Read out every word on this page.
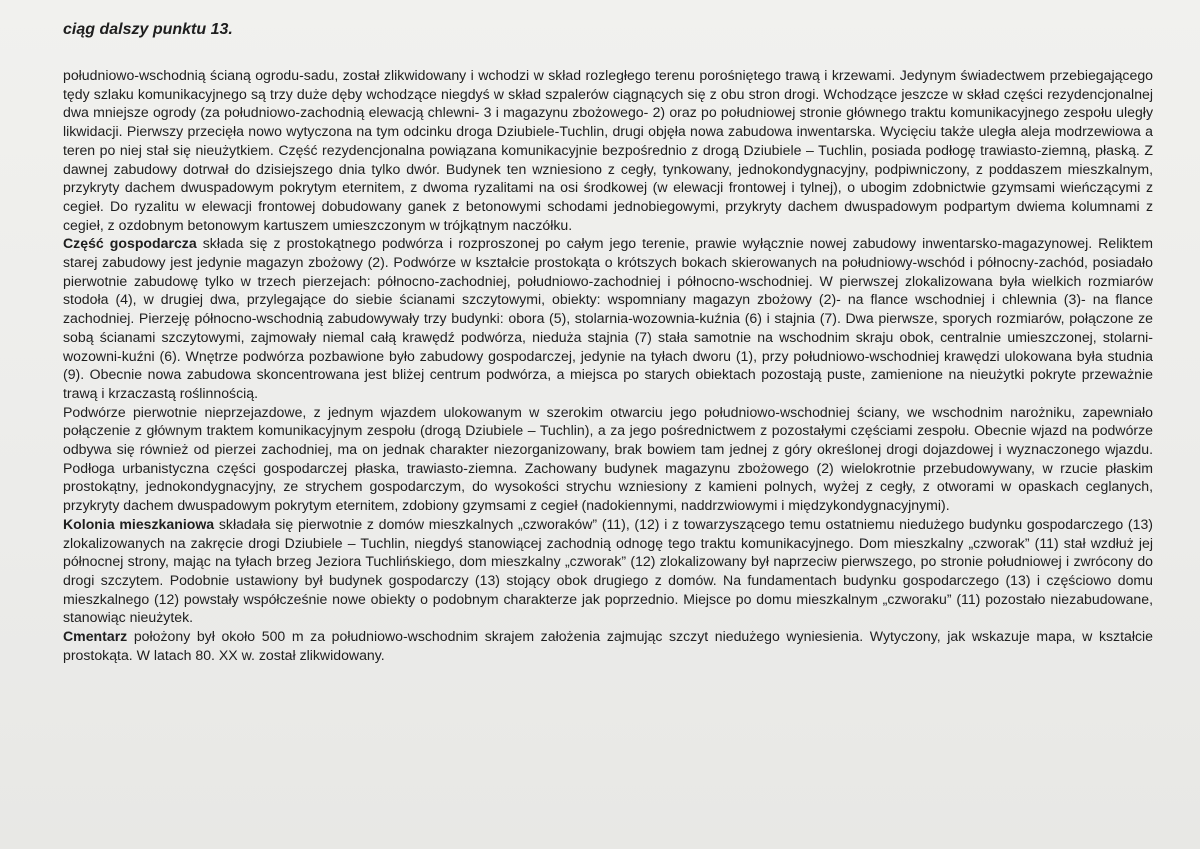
ciąg dalszy punktu 13.

południowo-wschodnią ścianą ogrodu-sadu, został zlikwidowany i wchodzi w skład rozległego terenu porośniętego trawą i krzewami. Jedynym świadectwem przebiegającego tędy szlaku komunikacyjnego są trzy duże dęby wchodzące niegdyś w skład szpalerów ciągnących się z obu stron drogi. Wchodzące jeszcze w skład części rezydencjonalnej dwa mniejsze ogrody (za południowo-zachodnią elewacją chlewni- 3 i magazynu zbożowego- 2) oraz po południowej stronie głównego traktu komunikacyjnego zespołu uległy likwidacji. Pierwszy przecięła nowo wytyczona na tym odcinku droga Dziubiele-Tuchlin, drugi objęła nowa zabudowa inwentarska. Wycięciu także uległa aleja modrzewiowa a teren po niej stał się nieużytkiem. Część rezydencjonalna powiązana komunikacyjnie bezpośrednio z drogą Dziubiele – Tuchlin, posiada podłogę trawiasto-ziemną, płaską. Z dawnej zabudowy dotrwał do dzisiejszego dnia tylko dwór. Budynek ten wzniesiono z cegły, tynkowany, jednokondygnacyjny, podpiwniczony, z poddaszem mieszkalnym, przykryty dachem dwuspadowym pokrytym eternitem, z dwoma ryzalitami na osi środkowej (w elewacji frontowej i tylnej), o ubogim zdobnictwie gzymsami wieńczącymi z cegieł. Do ryzalitu w elewacji frontowej dobudowany ganek z betonowymi schodami jednobiegowymi, przykryty dachem dwuspadowym podpartym dwiema kolumnami z cegieł, z ozdobnym betonowym kartuszem umieszczonym w trójkątnym naczółku.

Część gospodarcza składa się z prostokątnego podwórza i rozproszonej po całym jego terenie, prawie wyłącznie nowej zabudowy inwentarsko-magazynowej. Reliktem starej zabudowy jest jedynie magazyn zbożowy (2). Podwórze w kształcie prostokąta o krótszych bokach skierowanych na południowy-wschód i północny-zachód, posiadało pierwotnie zabudowę tylko w trzech pierzejach: północno-zachodniej, południowo-zachodniej i północno-wschodniej. W pierwszej zlokalizowana była wielkich rozmiarów stodoła (4), w drugiej dwa, przylegające do siebie ścianami szczytowymi, obiekty: wspomniany magazyn zbożowy (2)- na flance wschodniej i chlewnia (3)- na flance zachodniej. Pierzeję północno-wschodnią zabudowywały trzy budynki: obora (5), stolarnia-wozownia-kuźnia (6) i stajnia (7). Dwa pierwsze, sporych rozmiarów, połączone ze sobą ścianami szczytowymi, zajmowały niemal całą krawędź podwórza, nieduża stajnia (7) stała samotnie na wschodnim skraju obok, centralnie umieszczonej, stolarni-wozowni-kuźni (6). Wnętrze podwórza pozbawione było zabudowy gospodarczej, jedynie na tyłach dworu (1), przy południowo-wschodniej krawędzi ulokowana była studnia (9). Obecnie nowa zabudowa skoncentrowana jest bliżej centrum podwórza, a miejsca po starych obiektach pozostają puste, zamienione na nieużytki pokryte przeważnie trawą i krzaczastą roślinnością.

Podwórze pierwotnie nieprzejazdowe, z jednym wjazdem ulokowanym w szerokim otwarciu jego południowo-wschodniej ściany, we wschodnim narożniku, zapewniało połączenie z głównym traktem komunikacyjnym zespołu (drogą Dziubiele – Tuchlin), a za jego pośrednictwem z pozostałymi częściami zespołu. Obecnie wjazd na podwórze odbywa się również od pierzei zachodniej, ma on jednak charakter niezorganizowany, brak bowiem tam jednej z góry określonej drogi dojazdowej i wyznaczonego wjazdu. Podłoga urbanistyczna części gospodarczej płaska, trawiasto-ziemna. Zachowany budynek magazynu zbożowego (2) wielokrotnie przebudowywany, w rzucie płaskim prostokątny, jednokondygnacyjny, ze strychem gospodarczym, do wysokości strychu wzniesiony z kamieni polnych, wyżej z cegły, z otworami w opaskach ceglanych, przykryty dachem dwuspadowym pokrytym eternitem, zdobiony gzymsami z cegieł (nadokiennymi, naddrzwiowymi i międzykondygnacyjnymi).

Kolonia mieszkaniowa składała się pierwotnie z domów mieszkalnych „czworaków” (11), (12) i z towarzyszącego temu ostatniemu niedużego budynku gospodarczego (13) zlokalizowanych na zakręcie drogi Dziubiele – Tuchlin, niegdyś stanowiącej zachodnią odnogę tego traktu komunikacyjnego. Dom mieszkalny „czworak” (11) stał wzdłuż jej północnej strony, mając na tyłach brzeg Jeziora Tuchlińskiego, dom mieszkalny „czworak” (12) zlokalizowany był naprzeciw pierwszego, po stronie południowej i zwrócony do drogi szczytem. Podobnie ustawiony był budynek gospodarczy (13) stojący obok drugiego z domów. Na fundamentach budynku gospodarczego (13) i częściowo domu mieszkalnego (12) powstały współcześnie nowe obiekty o podobnym charakterze jak poprzednio. Miejsce po domu mieszkalnym „czworaku” (11) pozostało niezabudowane, stanowiąc nieużytek.

Cmentarz położony był około 500 m za południowo-wschodnim skrajem założenia zajmując szczyt niedużego wyniesienia. Wytyczony, jak wskazuje mapa, w kształcie prostokąta. W latach 80. XX w. został zlikwidowany.
